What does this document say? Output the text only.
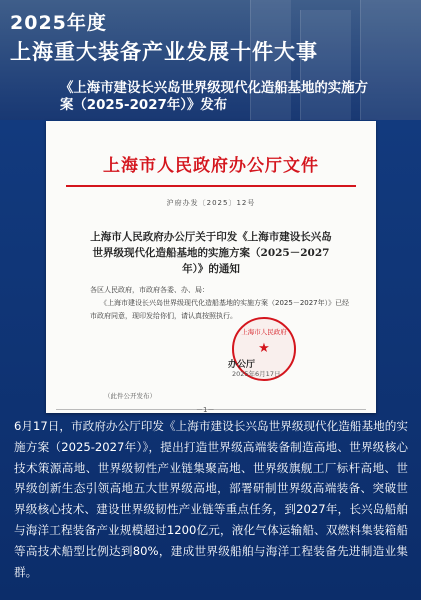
2025年度
上海重大装备产业发展十件大事
《上海市建设长兴岛世界级现代化造船基地的实施方案（2025-2027年）》发布
上海市人民政府办公厅文件
沪府办发〔2025〕12号
上海市人民政府办公厅关于印发《上海市建设长兴岛世界级现代化造船基地的实施方案（2025－2027年）》的通知

各区人民政府，市政府各委、办、局：

《上海市建设长兴岛世界级现代化造船基地的实施方案（2025－2027年）》已经市政府同意，现印发给你们，请认真按照执行。

上海市人民政府
★
办公厅
2025年6月17日
（此件公开发布）
－1－
6月17日，市政府办公厅印发《上海市建设长兴岛世界级现代化造船基地的实施方案（2025-2027年）》，提出打造世界级高端装备制造高地、世界级核心技术策源高地、世界级韧性产业链集聚高地、世界级旗舰工厂标杆高地、世界级创新生态引领高地五大世界级高地，部署研制世界级高端装备、突破世界级核心技术、建设世界级韧性产业链等重点任务，到2027年，长兴岛船舶与海洋工程装备产业规模超过1200亿元，液化气体运输船、双燃料集装箱船等高技术船型比例达到80%，建成世界级船舶与海洋工程装备先进制造业集群。
